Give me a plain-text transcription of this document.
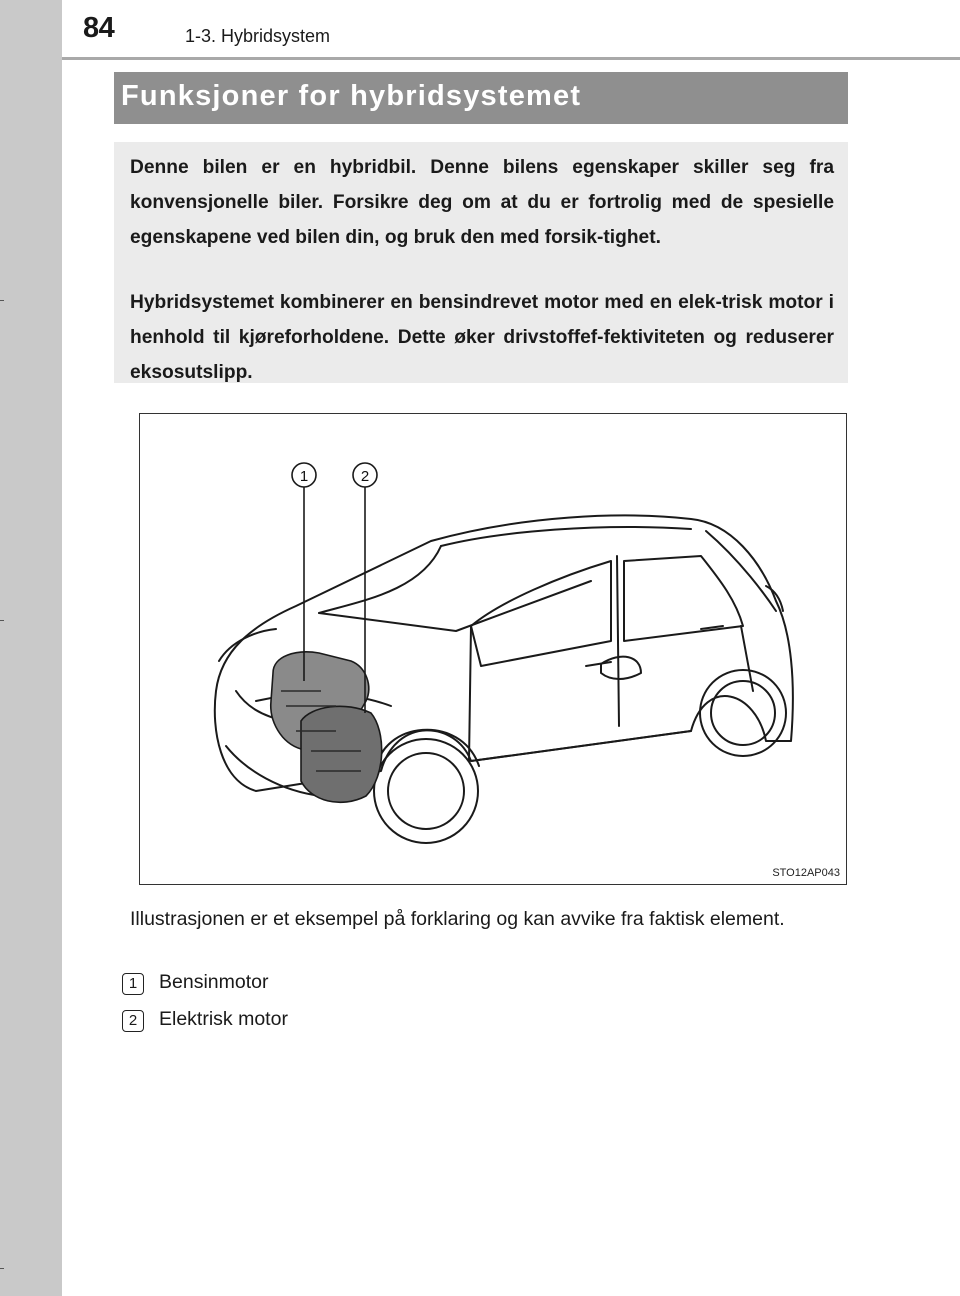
84	1-3. Hybridsystem
Funksjoner for hybridsystemet

Denne bilen er en hybridbil. Denne bilens egenskaper skiller seg fra konvensjonelle biler. Forsikre deg om at du er fortrolig med de spesielle egenskapene ved bilen din, og bruk den med forsik-tighet.

Hybridsystemet kombinerer en bensindrevet motor med en elek-trisk motor i henhold til kjøreforholdene. Dette øker drivstoffef-fektiviteten og reduserer eksosutslipp.

1	2
STO12AP043

Illustrasjonen er et eksempel på forklaring og kan avvike fra faktisk element.

1	Bensinmotor
2	Elektrisk motor
